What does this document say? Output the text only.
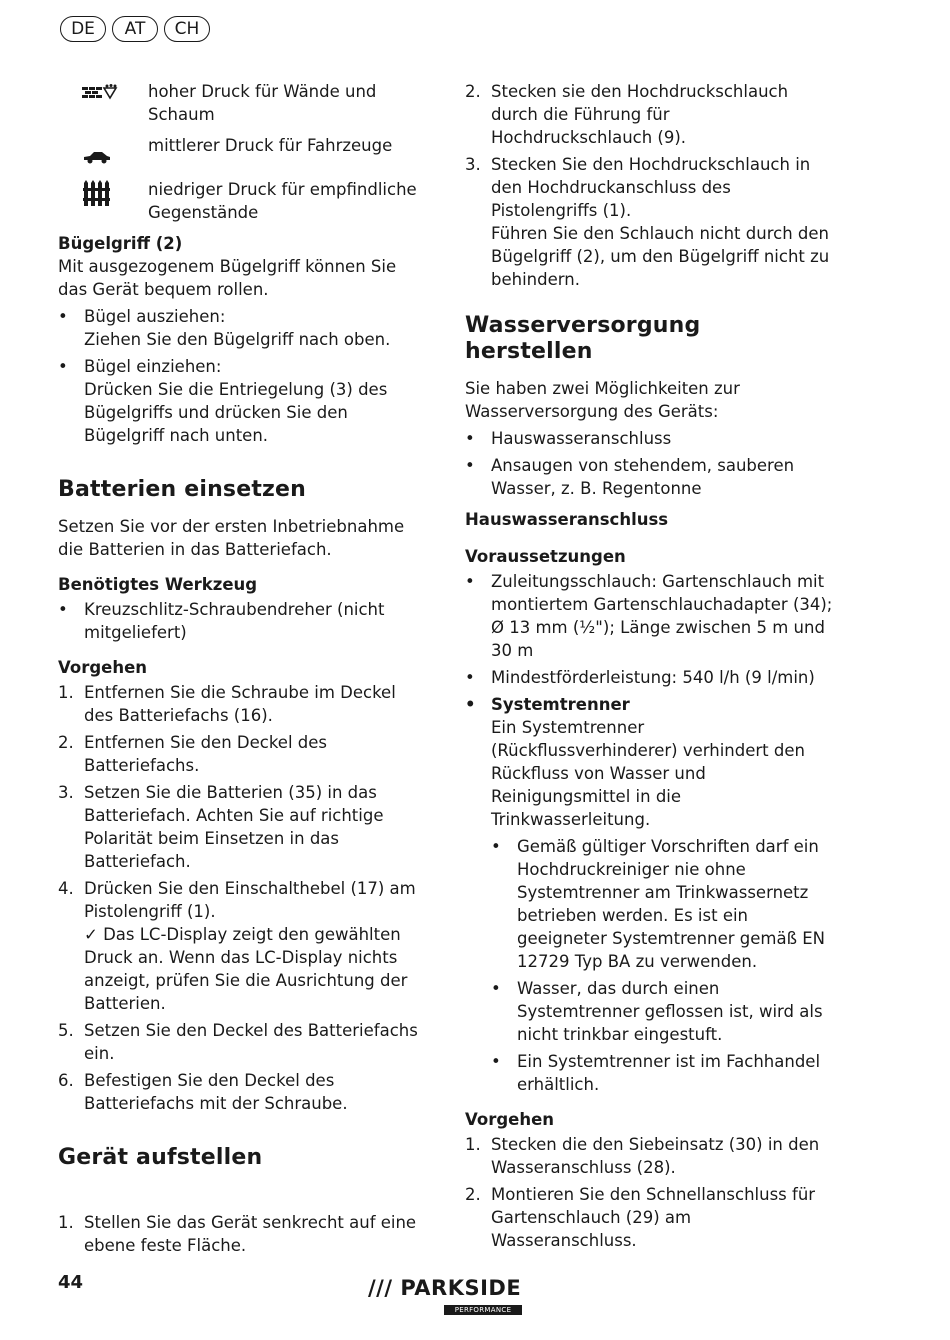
DE	AT	CH
hoher Druck für Wände und Schaum
mittlerer Druck für Fahrzeuge
niedriger Druck für empfindliche Gegenstände
Bügelgriff (2)

Mit ausgezogenem Bügelgriff können Sie das Gerät bequem rollen.

• Bügel ausziehen:
Ziehen Sie den Bügelgriff nach oben.
• Bügel einziehen:
Drücken Sie die Entriegelung (3) des Bügelgriffs und drücken Sie den Bügelgriff nach unten.
Batterien einsetzen

Setzen Sie vor der ersten Inbetriebnahme die Batterien in das Batteriefach.

Benötigtes Werkzeug
• Kreuzschlitz-Schraubendreher (nicht mitgeliefert)
Vorgehen
1. Entfernen Sie die Schraube im Deckel des Batteriefachs (16).
2. Entfernen Sie den Deckel des Batteriefachs.
3. Setzen Sie die Batterien (35) in das Batteriefach. Achten Sie auf richtige Polarität beim Einsetzen in das Batteriefach.
4. Drücken Sie den Einschalthebel (17) am Pistolengriff (1).
✓ Das LC-Display zeigt den gewählten Druck an. Wenn das LC-Display nichts anzeigt, prüfen Sie die Ausrichtung der Batterien.
5. Setzen Sie den Deckel des Batteriefachs ein.
6. Befestigen Sie den Deckel des Batteriefachs mit der Schraube.
Gerät aufstellen
1. Stellen Sie das Gerät senkrecht auf eine ebene feste Fläche.
2. Stecken sie den Hochdruckschlauch durch die Führung für Hochdruckschlauch (9).
3. Stecken Sie den Hochdruckschlauch in den Hochdruckanschluss des Pistolengriffs (1).
Führen Sie den Schlauch nicht durch den Bügelgriff (2), um den Bügelgriff nicht zu behindern.
Wasserversorgung herstellen

Sie haben zwei Möglichkeiten zur Wasserversorgung des Geräts:

• Hauswasseranschluss
• Ansaugen von stehendem, sauberen Wasser, z. B. Regentonne
Hauswasseranschluss
Voraussetzungen
• Zuleitungsschlauch: Gartenschlauch mit montiertem Gartenschlauchadapter (34); Ø 13 mm (½"); Länge zwischen 5 m und 30 m
• Mindestförderleistung: 540 l/h (9 l/min)
• Systemtrenner
Ein Systemtrenner (Rückflussverhinderer) verhindert den Rückfluss von Wasser und Reinigungsmittel in die Trinkwasserleitung.
• Gemäß gültiger Vorschriften darf ein Hochdruckreiniger nie ohne Systemtrenner am Trinkwassernetz betrieben werden. Es ist ein geeigneter Systemtrenner gemäß EN 12729 Typ BA zu verwenden.
• Wasser, das durch einen Systemtrenner geflossen ist, wird als nicht trinkbar eingestuft.
• Ein Systemtrenner ist im Fachhandel erhältlich.
Vorgehen
1. Stecken die den Siebeinsatz (30) in den Wasseranschluss (28).
2. Montieren Sie den Schnellanschluss für Gartenschlauch (29) am Wasseranschluss.
44	/// PARKSIDE
PERFORMANCE
